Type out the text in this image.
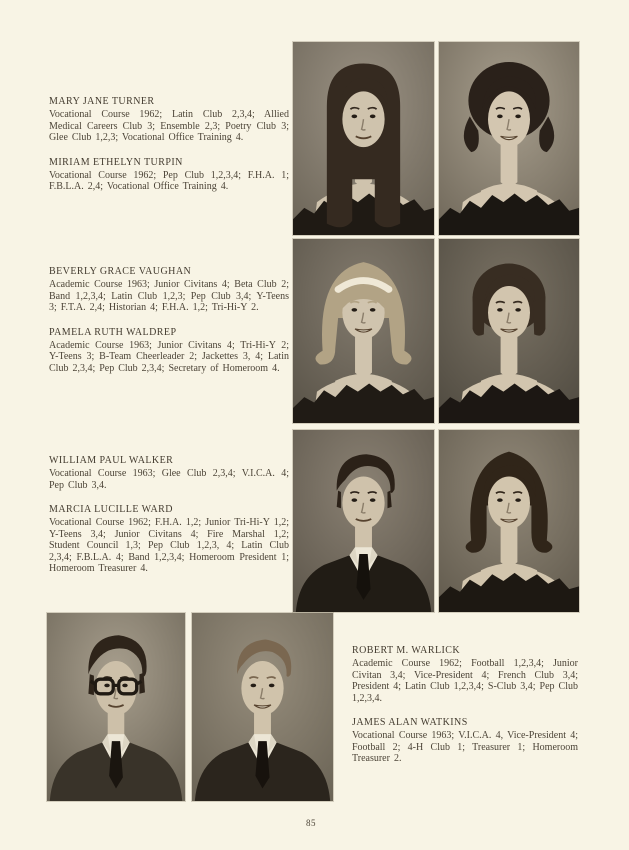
MARY JANE TURNER

Vocational Course 1962; Latin Club 2,3,4; Allied Medical Careers Club 3; Ensemble 2,3; Poetry Club 3; Glee Club 1,2,3; Vocational Office Training 4.

MIRIAM ETHELYN TURPIN

Vocational Course 1962; Pep Club 1,2,3,4; F.H.A. 1; F.B.L.A. 2,4; Vocational Office Training 4.

BEVERLY GRACE VAUGHAN

Academic Course 1963; Junior Civitans 4; Beta Club 2; Band 1,2,3,4; Latin Club 1,2,3; Pep Club 3,4; Y-Teens 3; F.T.A. 2,4; Historian 4; F.H.A. 1,2; Tri-Hi-Y 2.

PAMELA RUTH WALDREP

Academic Course 1963; Junior Civitans 4; Tri-Hi-Y 2; Y-Teens 3; B-Team Cheerleader 2; Jackettes 3, 4; Latin Club 2,3,4; Pep Club 2,3,4; Secretary of Homeroom 4.

WILLIAM PAUL WALKER

Vocational Course 1963; Glee Club 2,3,4; V.I.C.A. 4; Pep Club 3,4.

MARCIA LUCILLE WARD

Vocational Course 1962; F.H.A. 1,2; Junior Tri-Hi-Y 1,2; Y-Teens 3,4; Junior Civitans 4; Fire Marshal 1,2; Student Council 1,3; Pep Club 1,2,3, 4; Latin Club 2,3,4; F.B.L.A. 4; Band 1,2,3,4; Homeroom President 1; Homeroom Treasurer 4.

ROBERT M. WARLICK

Academic Course 1962; Football 1,2,3,4; Junior Civitan 3,4; Vice-President 4; French Club 3,4; President 4; Latin Club 1,2,3,4; S-Club 3,4; Pep Club 1,2,3,4.

JAMES ALAN WATKINS

Vocational Course 1963; V.I.C.A. 4, Vice-President 4; Football 2; 4-H Club 1; Treasurer 1; Homeroom Treasurer 2.

85
